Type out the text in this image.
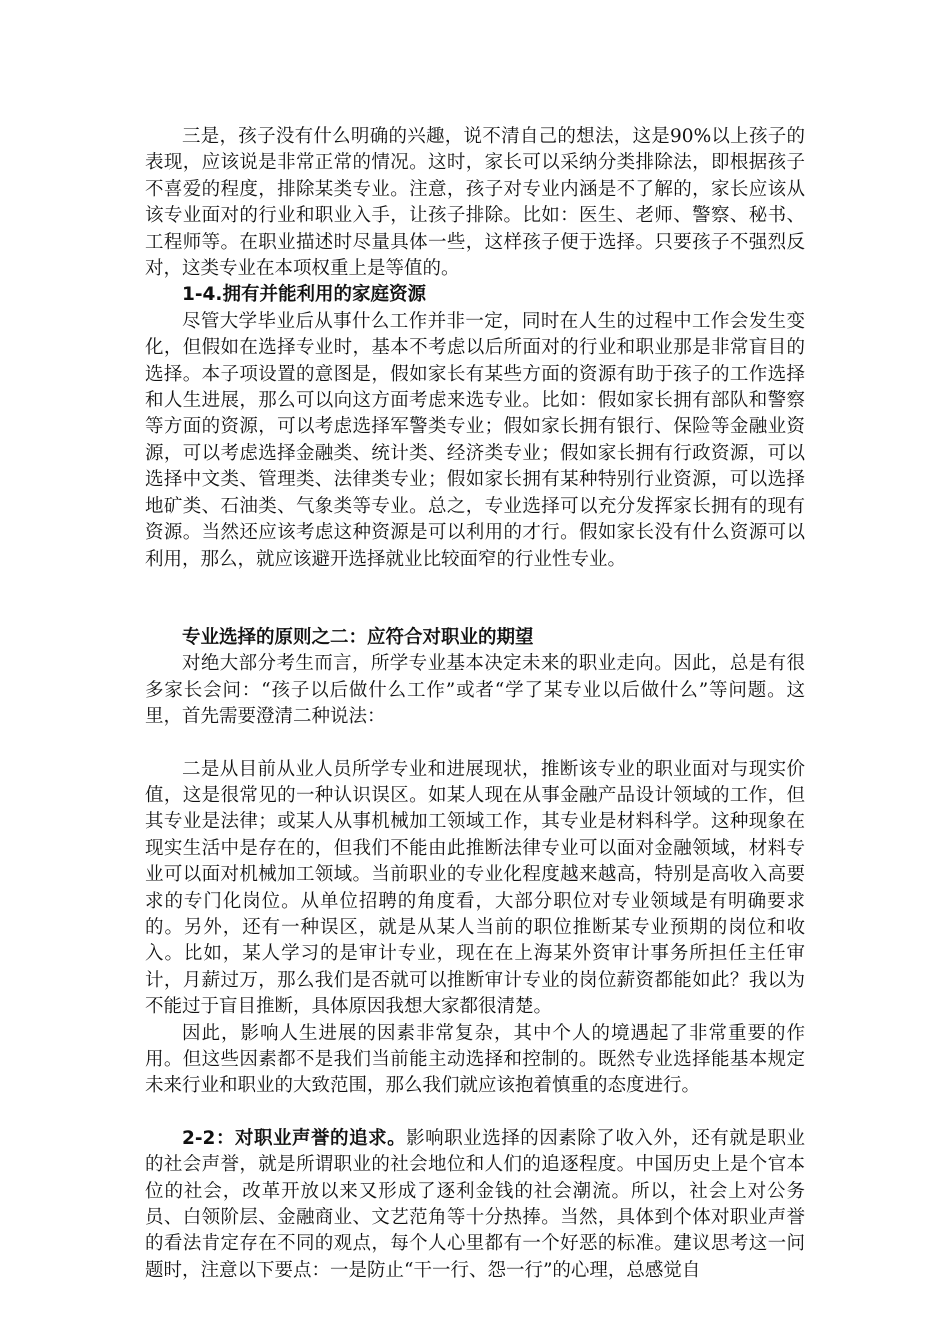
三是，孩子没有什么明确的兴趣，说不清自己的想法，这是90%以上孩子的表现，应该说是非常正常的情况。这时，家长可以采纳分类排除法，即根据孩子不喜爱的程度，排除某类专业。注意，孩子对专业内涵是不了解的，家长应该从该专业面对的行业和职业入手，让孩子排除。比如：医生、老师、警察、秘书、工程师等。在职业描述时尽量具体一些，这样孩子便于选择。只要孩子不强烈反对，这类专业在本项权重上是等值的。

1-4.拥有并能利用的家庭资源

尽管大学毕业后从事什么工作并非一定，同时在人生的过程中工作会发生变化，但假如在选择专业时，基本不考虑以后所面对的行业和职业那是非常盲目的选择。本子项设置的意图是，假如家长有某些方面的资源有助于孩子的工作选择和人生进展，那么可以向这方面考虑来选专业。比如：假如家长拥有部队和警察等方面的资源，可以考虑选择军警类专业；假如家长拥有银行、保险等金融业资源，可以考虑选择金融类、统计类、经济类专业；假如家长拥有行政资源，可以选择中文类、管理类、法律类专业；假如家长拥有某种特别行业资源，可以选择地矿类、石油类、气象类等专业。总之，专业选择可以充分发挥家长拥有的现有资源。当然还应该考虑这种资源是可以利用的才行。假如家长没有什么资源可以利用，那么，就应该避开选择就业比较面窄的行业性专业。

专业选择的原则之二：应符合对职业的期望

对绝大部分考生而言，所学专业基本决定未来的职业走向。因此，总是有很多家长会问：“孩子以后做什么工作”或者“学了某专业以后做什么”等问题。这里，首先需要澄清二种说法：

二是从目前从业人员所学专业和进展现状，推断该专业的职业面对与现实价值，这是很常见的一种认识误区。如某人现在从事金融产品设计领域的工作，但其专业是法律；或某人从事机械加工领域工作，其专业是材料科学。这种现象在现实生活中是存在的，但我们不能由此推断法律专业可以面对金融领域，材料专业可以面对机械加工领域。当前职业的专业化程度越来越高，特别是高收入高要求的专门化岗位。从单位招聘的角度看，大部分职位对专业领域是有明确要求的。另外，还有一种误区，就是从某人当前的职位推断某专业预期的岗位和收入。比如，某人学习的是审计专业，现在在上海某外资审计事务所担任主任审计，月薪过万，那么我们是否就可以推断审计专业的岗位薪资都能如此？我以为不能过于盲目推断，具体原因我想大家都很清楚。

因此，影响人生进展的因素非常复杂，其中个人的境遇起了非常重要的作用。但这些因素都不是我们当前能主动选择和控制的。既然专业选择能基本规定未来行业和职业的大致范围，那么我们就应该抱着慎重的态度进行。

2-2：对职业声誉的追求。影响职业选择的因素除了收入外，还有就是职业的社会声誉，就是所谓职业的社会地位和人们的追逐程度。中国历史上是个官本位的社会，改革开放以来又形成了逐利金钱的社会潮流。所以，社会上对公务员、白领阶层、金融商业、文艺范角等十分热捧。当然，具体到个体对职业声誉的看法肯定存在不同的观点，每个人心里都有一个好恶的标准。建议思考这一问题时，注意以下要点：一是防止“干一行、怨一行”的心理，总感觉自
